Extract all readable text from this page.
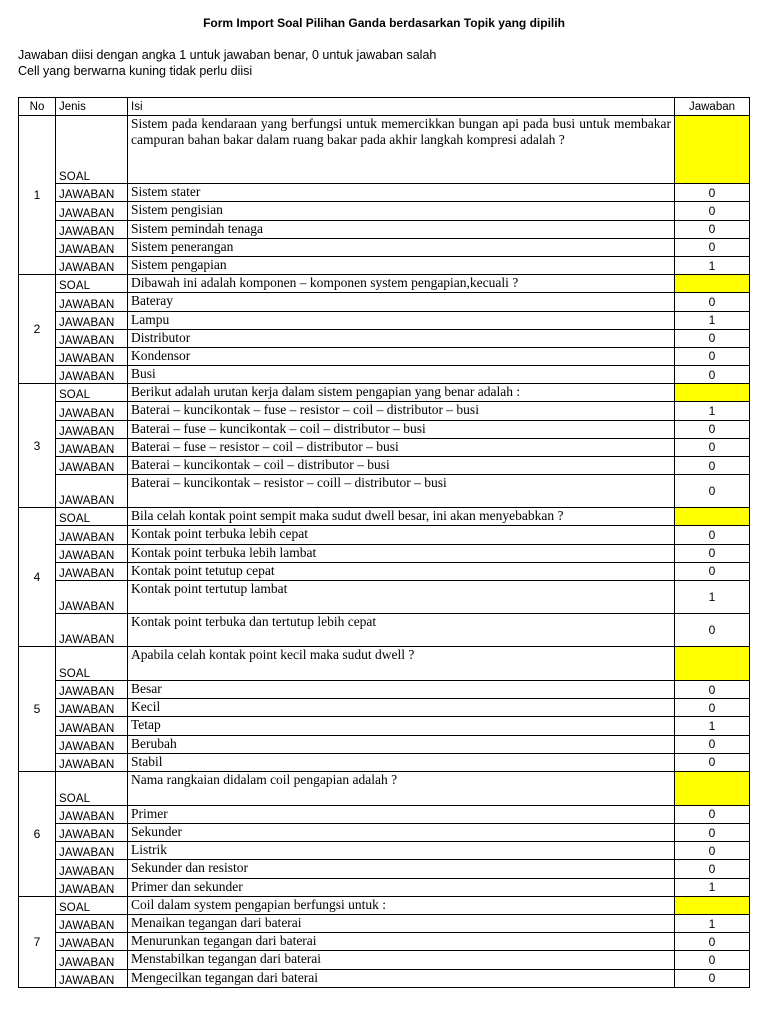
Form Import Soal Pilihan Ganda berdasarkan Topik yang dipilih
Jawaban diisi dengan angka 1 untuk jawaban benar, 0 untuk jawaban salah
Cell yang berwarna kuning tidak perlu diisi
No	Jenis	Isi	Jawaban
1	SOAL	Sistem pada kendaraan yang berfungsi untuk memercikkan bungan api pada busi untuk membakar campuran bahan bakar dalam ruang bakar pada akhir langkah kompresi adalah ?	
	JAWABAN	Sistem stater	0
	JAWABAN	Sistem pengisian	0
	JAWABAN	Sistem pemindah tenaga	0
	JAWABAN	Sistem penerangan	0
	JAWABAN	Sistem pengapian	1
2	SOAL	Dibawah ini adalah komponen – komponen system pengapian,kecuali ?	
	JAWABAN	Bateray	0
	JAWABAN	Lampu	1
	JAWABAN	Distributor	0
	JAWABAN	Kondensor	0
	JAWABAN	Busi	0
3	SOAL	Berikut adalah urutan kerja dalam sistem pengapian yang benar adalah :	
	JAWABAN	Baterai – kuncikontak – fuse – resistor – coil – distributor – busi	1
	JAWABAN	Baterai – fuse – kuncikontak – coil – distributor – busi	0
	JAWABAN	Baterai – fuse – resistor – coil – distributor – busi	0
	JAWABAN	Baterai – kuncikontak – coil – distributor – busi	0
	JAWABAN	Baterai – kuncikontak – resistor – coill – distributor – busi	0
4	SOAL	Bila celah kontak point sempit maka sudut dwell besar, ini akan menyebabkan ?	
	JAWABAN	Kontak point terbuka lebih cepat	0
	JAWABAN	Kontak point terbuka lebih lambat	0
	JAWABAN	Kontak point tetutup cepat	0
	JAWABAN	Kontak point tertutup lambat	1
	JAWABAN	Kontak point terbuka dan tertutup lebih cepat	0
5	SOAL	Apabila celah kontak point kecil maka sudut dwell ?	
	JAWABAN	Besar	0
	JAWABAN	Kecil	0
	JAWABAN	Tetap	1
	JAWABAN	Berubah	0
	JAWABAN	Stabil	0
6	SOAL	Nama rangkaian didalam coil pengapian adalah ?	
	JAWABAN	Primer	0
	JAWABAN	Sekunder	0
	JAWABAN	Listrik	0
	JAWABAN	Sekunder dan resistor	0
	JAWABAN	Primer dan sekunder	1
7	SOAL	Coil dalam system pengapian berfungsi untuk :	
	JAWABAN	Menaikan tegangan dari baterai	1
	JAWABAN	Menurunkan tegangan dari baterai	0
	JAWABAN	Menstabilkan tegangan dari baterai	0
	JAWABAN	Mengecilkan tegangan dari baterai	0
